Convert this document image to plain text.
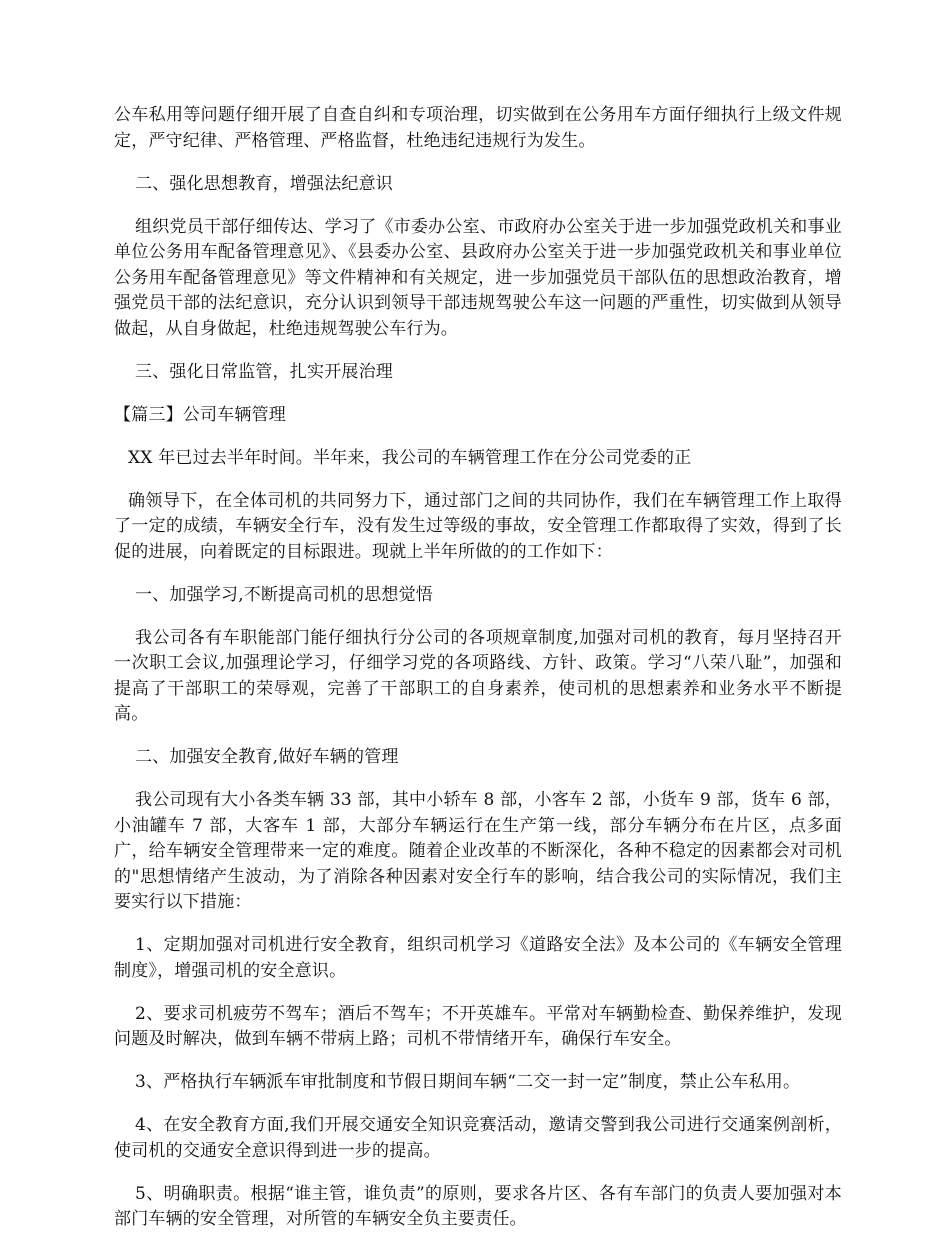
公车私用等问题仔细开展了自查自纠和专项治理，切实做到在公务用车方面仔细执行上级文件规定，严守纪律、严格管理、严格监督，杜绝违纪违规行为发生。

二、强化思想教育，增强法纪意识

组织党员干部仔细传达、学习了《市委办公室、市政府办公室关于进一步加强党政机关和事业单位公务用车配备管理意见》、《县委办公室、县政府办公室关于进一步加强党政机关和事业单位公务用车配备管理意见》等文件精神和有关规定，进一步加强党员干部队伍的思想政治教育，增强党员干部的法纪意识，充分认识到领导干部违规驾驶公车这一问题的严重性，切实做到从领导做起，从自身做起，杜绝违规驾驶公车行为。

三、强化日常监管，扎实开展治理

【篇三】公司车辆管理

XX 年已过去半年时间。半年来，我公司的车辆管理工作在分公司党委的正

确领导下，在全体司机的共同努力下，通过部门之间的共同协作，我们在车辆管理工作上取得了一定的成绩，车辆安全行车，没有发生过等级的事故，安全管理工作都取得了实效，得到了长促的进展，向着既定的目标跟进。现就上半年所做的的工作如下：

一、加强学习,不断提高司机的思想觉悟

我公司各有车职能部门能仔细执行分公司的各项规章制度,加强对司机的教育，每月坚持召开一次职工会议,加强理论学习，仔细学习党的各项路线、方针、政策。学习“八荣八耻”，加强和提高了干部职工的荣辱观，完善了干部职工的自身素养，使司机的思想素养和业务水平不断提高。

二、加强安全教育,做好车辆的管理

我公司现有大小各类车辆 33 部，其中小轿车 8 部，小客车 2 部，小货车 9 部，货车 6 部，小油罐车 7 部，大客车 1 部，大部分车辆运行在生产第一线，部分车辆分布在片区，点多面广，给车辆安全管理带来一定的难度。随着企业改革的不断深化，各种不稳定的因素都会对司机的"思想情绪产生波动，为了消除各种因素对安全行车的影响，结合我公司的实际情况，我们主要实行以下措施：

1、定期加强对司机进行安全教育，组织司机学习《道路安全法》及本公司的《车辆安全管理制度》，增强司机的安全意识。

2、要求司机疲劳不驾车；酒后不驾车；不开英雄车。平常对车辆勤检查、勤保养维护，发现问题及时解决，做到车辆不带病上路；司机不带情绪开车，确保行车安全。

3、严格执行车辆派车审批制度和节假日期间车辆“二交一封一定”制度，禁止公车私用。

4、在安全教育方面,我们开展交通安全知识竞赛活动，邀请交警到我公司进行交通案例剖析，使司机的交通安全意识得到进一步的提高。

5、明确职责。根据“谁主管，谁负责”的原则，要求各片区、各有车部门的负责人要加强对本部门车辆的安全管理，对所管的车辆安全负主要责任。
